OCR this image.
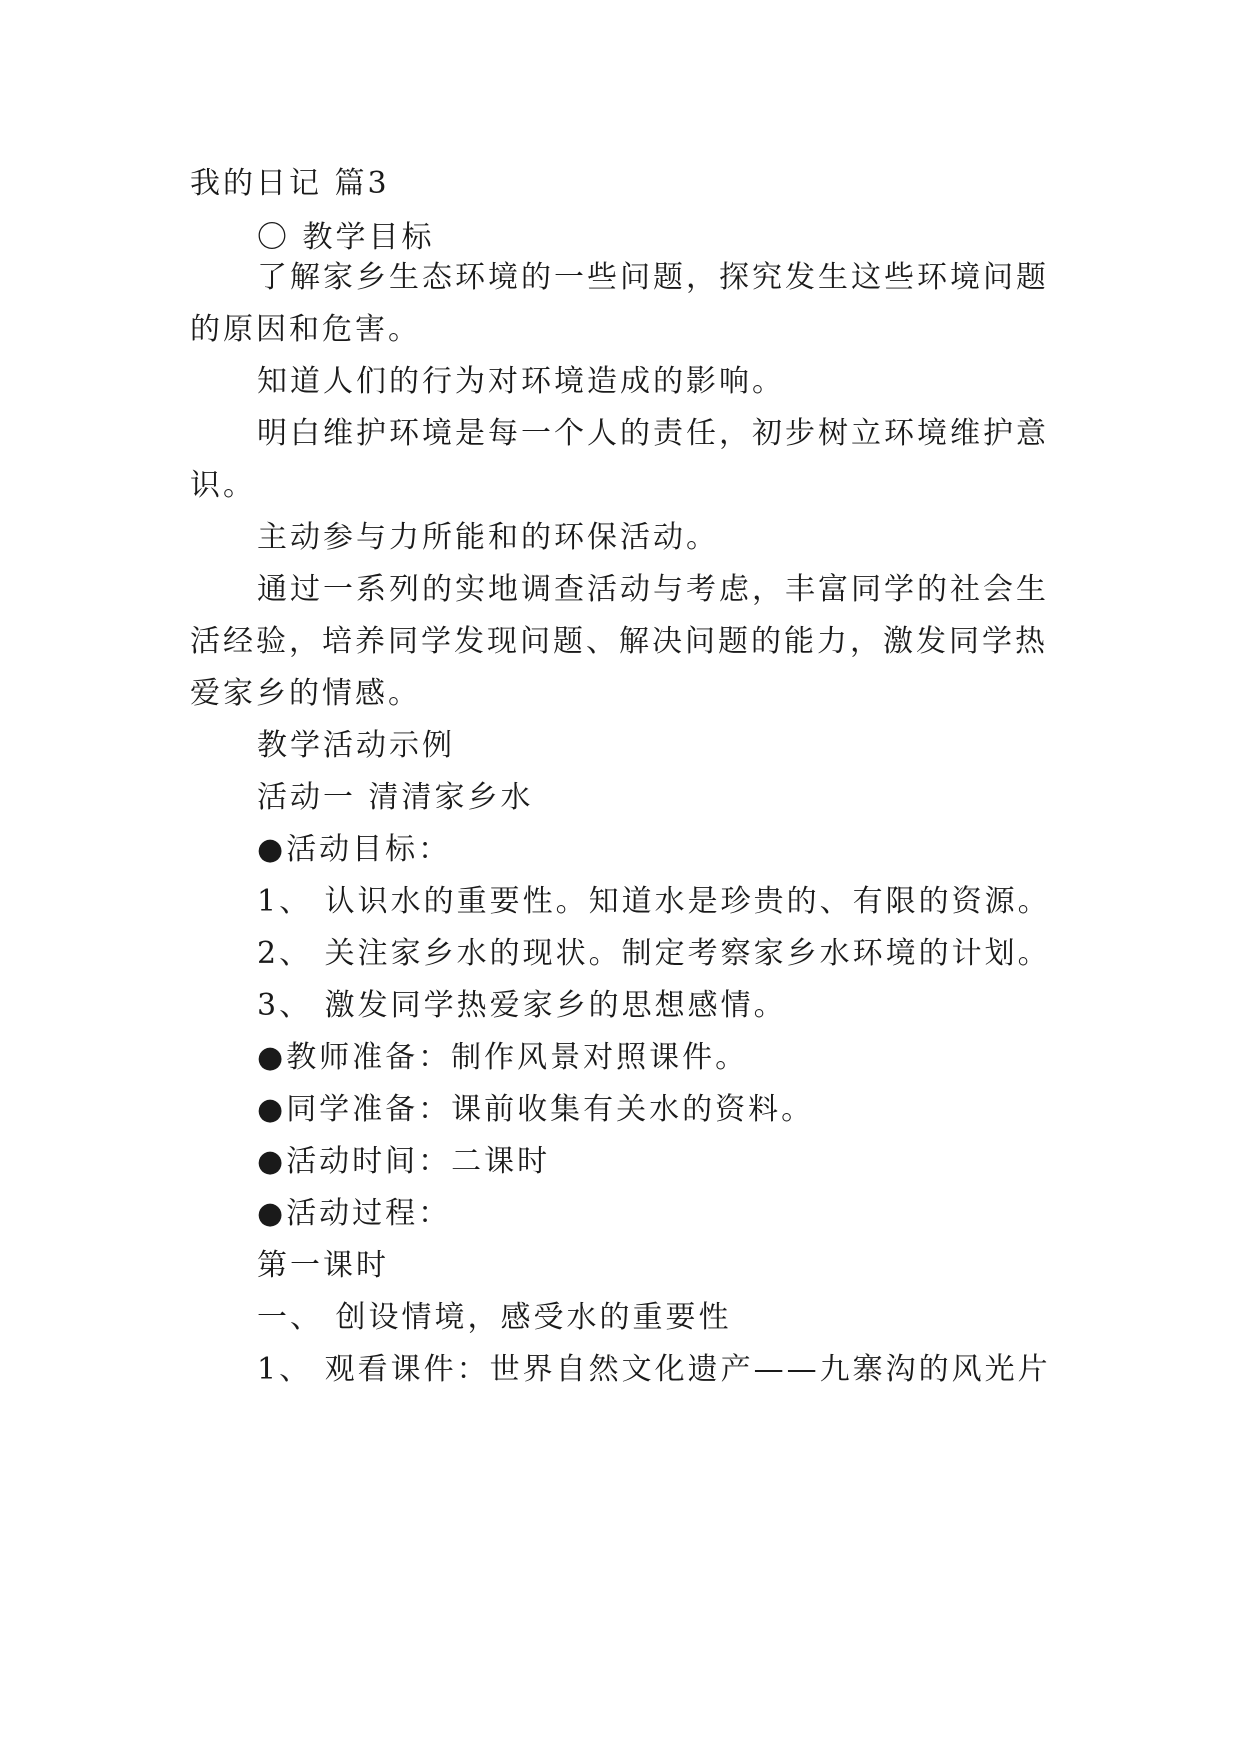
我的日记 篇3
〇 教学目标
了解家乡生态环境的一些问题，探究发生这些环境问题
的原因和危害。
知道人们的行为对环境造成的影响。
明白维护环境是每一个人的责任，初步树立环境维护意
识。
主动参与力所能和的环保活动。
通过一系列的实地调查活动与考虑，丰富同学的社会生
活经验，培养同学发现问题、解决问题的能力，激发同学热
爱家乡的情感。
教学活动示例
活动一 清清家乡水
●活动目标：
1、 认识水的重要性。知道水是珍贵的、有限的资源。
2、 关注家乡水的现状。制定考察家乡水环境的计划。
3、 激发同学热爱家乡的思想感情。
●教师准备：制作风景对照课件。
●同学准备：课前收集有关水的资料。
●活动时间：二课时
●活动过程：
第一课时
一、 创设情境，感受水的重要性
1、 观看课件：世界自然文化遗产——九寨沟的风光片
